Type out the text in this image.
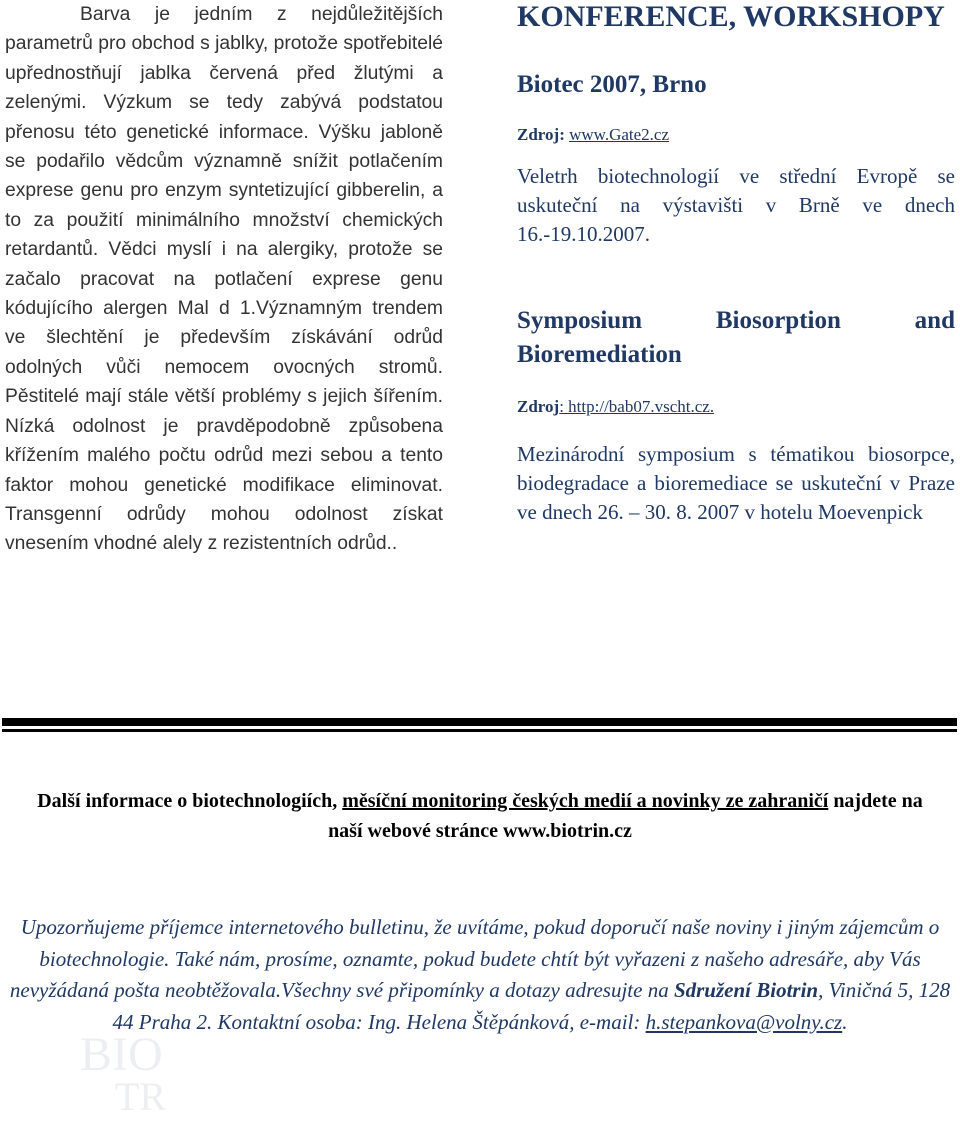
Barva je jedním z nejdůležitějších parametrů pro obchod s jablky, protože spotřebitelé upřednostňují jablka červená před žlutými a zelenými. Výzkum se tedy zabývá podstatou přenosu této genetické informace. Výšku jabloně se podařilo vědcům významně snížit potlačením exprese genu pro enzym syntetizující gibberelin, a to za použití minimálního množství chemických retardantů. Vědci myslí i na alergiky, protože se začalo pracovat na potlačení exprese genu kódujícího alergen Mal d 1.Významným trendem ve šlechtění je především získávání odrůd odolných vůči nemocem ovocných stromů. Pěstitelé mají stále větší problémy s jejich šířením. Nízká odolnost je pravděpodobně způsobena křížením malého počtu odrůd mezi sebou a tento faktor mohou genetické modifikace eliminovat. Transgenní odrůdy mohou odolnost získat vnesením vhodné alely z rezistentních odrůd..
KONFERENCE, WORKSHOPY

Biotec 2007, Brno

Zdroj: www.Gate2.cz

Veletrh biotechnologií ve střední Evropě se uskuteční na výstavišti v Brně ve dnech 16.-19.10.2007.

Symposium Biosorption and Bioremediation

Zdroj: http://bab07.vscht.cz.

Mezinárodní symposium s tématikou biosorpce, biodegradace a bioremediace se uskuteční v Praze ve dnech 26. – 30. 8. 2007 v hotelu Moevenpick

Další informace o biotechnologiích, měsíční monitoring českých medií a novinky ze zahraničí najdete na naší webové stránce www.biotrin.cz
BIO
TR
Upozorňujeme příjemce internetového bulletinu, že uvítáme, pokud doporučí naše noviny i jiným zájemcům o biotechnologie. Také nám, prosíme, oznamte, pokud budete chtít být vyřazeni z našeho adresáře, aby Vás nevyžádaná pošta neobtěžovala.Všechny své připomínky a dotazy adresujte na Sdružení Biotrin, Viničná 5, 128 44 Praha 2. Kontaktní osoba: Ing. Helena Štěpánková, e-mail: h.stepankova@volny.cz.
